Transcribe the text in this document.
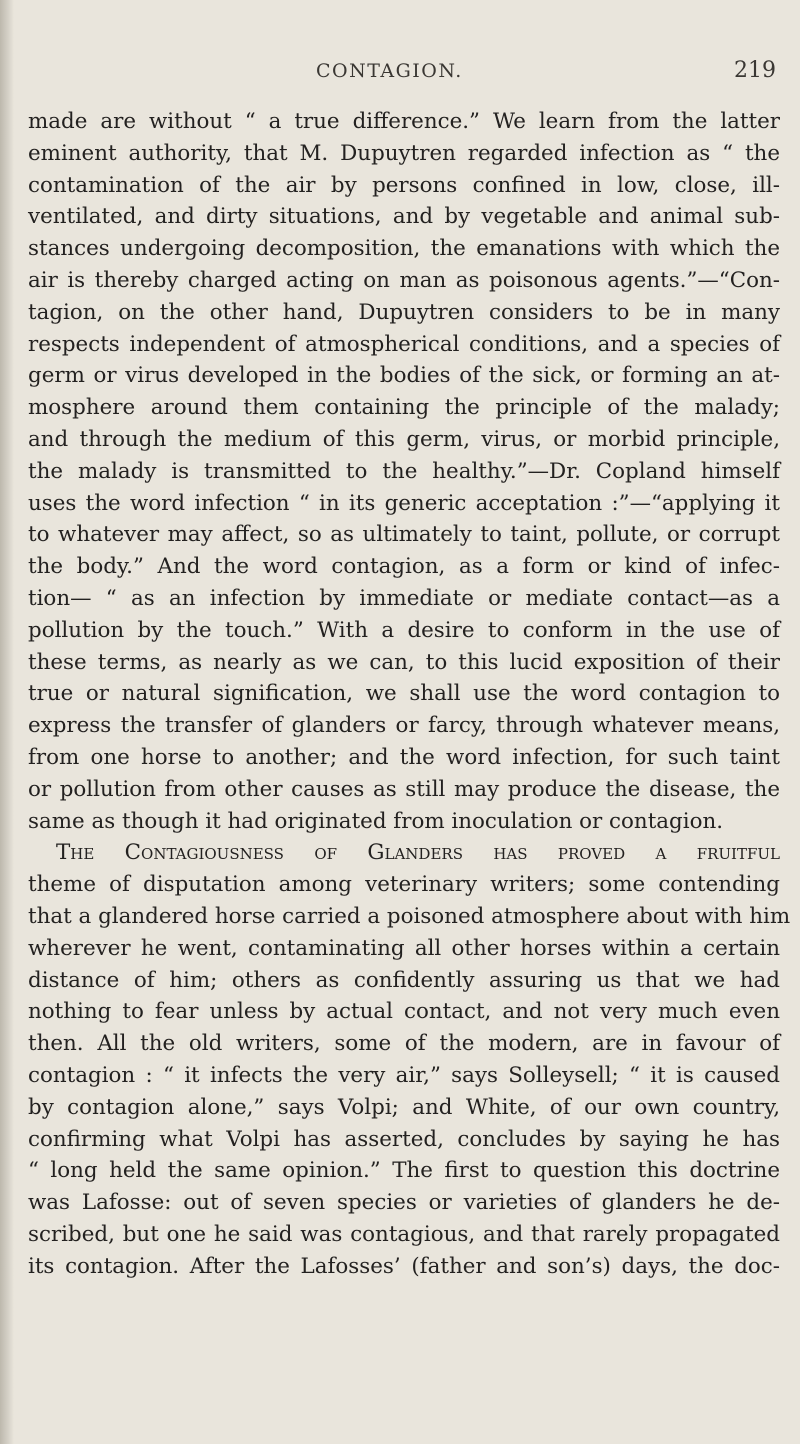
CONTAGION.	219
made are without “ a true difference.” We learn from the latter
eminent authority, that M. Dupuytren regarded infection as “ the
contamination of the air by persons confined in low, close, ill-
ventilated, and dirty situations, and by vegetable and animal sub-
stances undergoing decomposition, the emanations with which the
air is thereby charged acting on man as poisonous agents.”—“Con-
tagion, on the other hand, Dupuytren considers to be in many
respects independent of atmospherical conditions, and a species of
germ or virus developed in the bodies of the sick, or forming an at-
mosphere around them containing the principle of the malady;
and through the medium of this germ, virus, or morbid principle,
the malady is transmitted to the healthy.”—Dr. Copland himself
uses the word infection “ in its generic acceptation :”—“applying it
to whatever may affect, so as ultimately to taint, pollute, or corrupt
the body.” And the word contagion, as a form or kind of infec-
tion— “ as an infection by immediate or mediate contact—as a
pollution by the touch.” With a desire to conform in the use of
these terms, as nearly as we can, to this lucid exposition of their
true or natural signification, we shall use the word contagion to
express the transfer of glanders or farcy, through whatever means,
from one horse to another; and the word infection, for such taint
or pollution from other causes as still may produce the disease, the
same as though it had originated from inoculation or contagion.
The Contagiousness of Glanders has proved a fruitful
theme of disputation among veterinary writers; some contending
that a glandered horse carried a poisoned atmosphere about with him
wherever he went, contaminating all other horses within a certain
distance of him; others as confidently assuring us that we had
nothing to fear unless by actual contact, and not very much even
then. All the old writers, some of the modern, are in favour of
contagion : “ it infects the very air,” says Solleysell; “ it is caused
by contagion alone,” says Volpi; and White, of our own country,
confirming what Volpi has asserted, concludes by saying he has
“ long held the same opinion.” The first to question this doctrine
was Lafosse: out of seven species or varieties of glanders he de-
scribed, but one he said was contagious, and that rarely propagated
its contagion. After the Lafosses’ (father and son’s) days, the doc-
